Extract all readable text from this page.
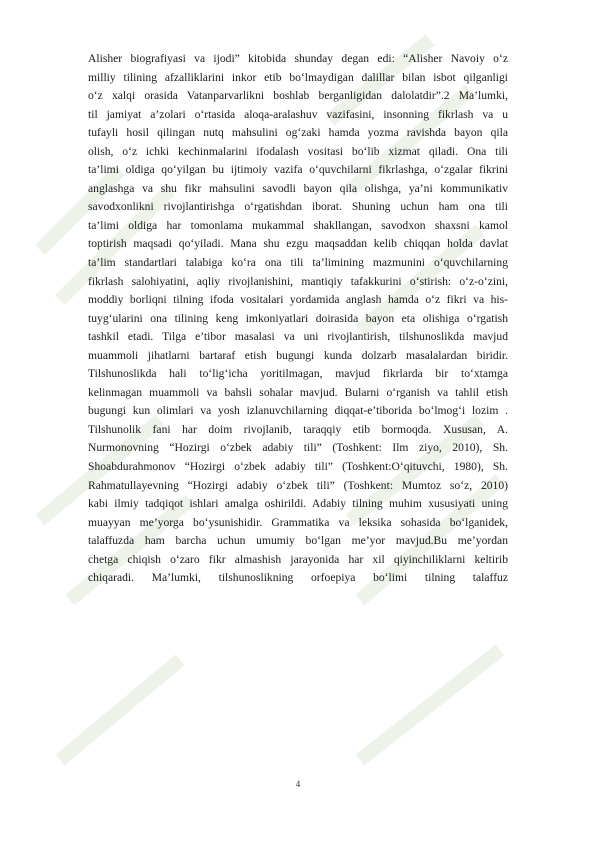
Alisher biografiyasi va ijodi” kitobida shunday degan edi: “Alisher Navoiy o‘z
milliy tilining afzalliklarini inkor etib bo‘lmaydigan dalillar bilan isbot qilganligi
o‘z xalqi orasida Vatanparvarlikni boshlab berganligidan dalolatdir”.2 Ma’lumki,
til jamiyat a’zolari o‘rtasida aloqa-aralashuv vazifasini, insonning fikrlash va u
tufayli hosil qilingan nutq mahsulini og‘zaki hamda yozma ravishda bayon qila
olish, o‘z ichki kechinmalarini ifodalash vositasi bo‘lib xizmat qiladi. Ona tili
ta’limi oldiga qo‘yilgan bu ijtimoiy vazifa o‘quvchilarni fikrlashga, o‘zgalar fikrini
anglashga va shu fikr mahsulini savodli bayon qila olishga, ya’ni kommunikativ
savodxonlikni rivojlantirishga o‘rgatishdan iborat. Shuning uchun ham ona tili
ta’limi oldiga har tomonlama mukammal shakllangan, savodxon shaxsni kamol
toptirish maqsadi qo‘yiladi. Mana shu ezgu maqsaddan kelib chiqqan holda davlat
ta’lim standartlari talabiga ko‘ra ona tili ta’limining mazmunini o‘quvchilarning
fikrlash salohiyatini, aqliy rivojlanishini, mantiqiy tafakkurini o‘stirish: o‘z-o‘zini,
moddiy borliqni tilning ifoda vositalari yordamida anglash hamda o‘z fikri va his-
tuyg‘ularini ona tilining keng imkoniyatlari doirasida bayon eta olishiga o‘rgatish
tashkil etadi. Tilga e’tibor masalasi va uni rivojlantirish, tilshunoslikda mavjud
muammoli jihatlarni bartaraf etish bugungi kunda dolzarb masalalardan biridir.
Tilshunoslikda hali to‘lig‘icha yoritilmagan, mavjud fikrlarda bir to‘xtamga
kelinmagan muammoli va bahsli sohalar mavjud. Bularni o‘rganish va tahlil etish
bugungi kun olimlari va yosh izlanuvchilarning diqqat-e’tiborida bo‘lmog‘i lozim .
Tilshunolik fani har doim rivojlanib, taraqqiy etib bormoqda. Xususan, A.
Nurmonovning “Hozirgi o‘zbek adabiy tili” (Toshkent: Ilm ziyo, 2010), Sh.
Shoabdurahmonov “Hozirgi o‘zbek adabiy tili” (Toshkent:O‘qituvchi, 1980), Sh.
Rahmatullayevning “Hozirgi adabiy o‘zbek tili” (Toshkent: Mumtoz so‘z, 2010)
kabi ilmiy tadqiqot ishlari amalga oshirildi. Adabiy tilning muhim xususiyati uning
muayyan me’yorga bo‘ysunishidir. Grammatika va leksika sohasida bo‘lganidek,
talaffuzda ham barcha uchun umumiy bo‘lgan me’yor mavjud.Bu me’yordan
chetga chiqish o‘zaro fikr almashish jarayonida har xil qiyinchiliklarni keltirib
chiqaradi. Ma’lumki, tilshunoslikning orfoepiya bo‘limi tilning talaffuz
4
